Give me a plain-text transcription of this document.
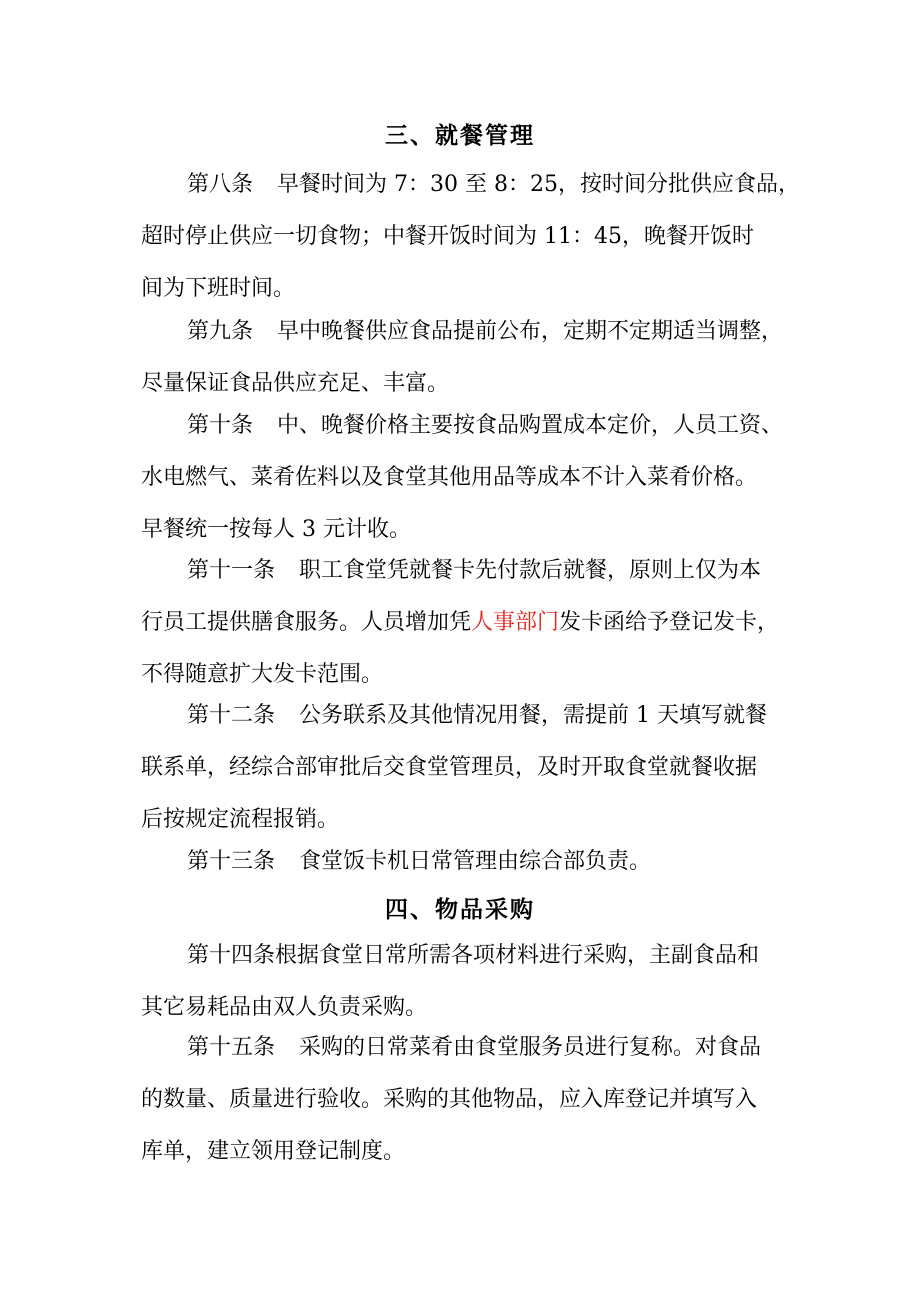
三、就餐管理
第八条 早餐时间为 7：30 至 8：25，按时间分批供应食品，
超时停止供应一切食物；中餐开饭时间为 11：45，晚餐开饭时
间为下班时间。
第九条 早中晚餐供应食品提前公布，定期不定期适当调整，
尽量保证食品供应充足、丰富。
第十条 中、晚餐价格主要按食品购置成本定价，人员工资、
水电燃气、菜肴佐料以及食堂其他用品等成本不计入菜肴价格。
早餐统一按每人 3 元计收。
第十一条 职工食堂凭就餐卡先付款后就餐，原则上仅为本
行员工提供膳食服务。人员增加凭人事部门发卡函给予登记发卡，
不得随意扩大发卡范围。
第十二条 公务联系及其他情况用餐，需提前 1 天填写就餐
联系单，经综合部审批后交食堂管理员，及时开取食堂就餐收据
后按规定流程报销。
第十三条 食堂饭卡机日常管理由综合部负责。
四、物品采购
第十四条根据食堂日常所需各项材料进行采购，主副食品和
其它易耗品由双人负责采购。
第十五条 采购的日常菜肴由食堂服务员进行复称。对食品
的数量、质量进行验收。采购的其他物品，应入库登记并填写入
库单，建立领用登记制度。
